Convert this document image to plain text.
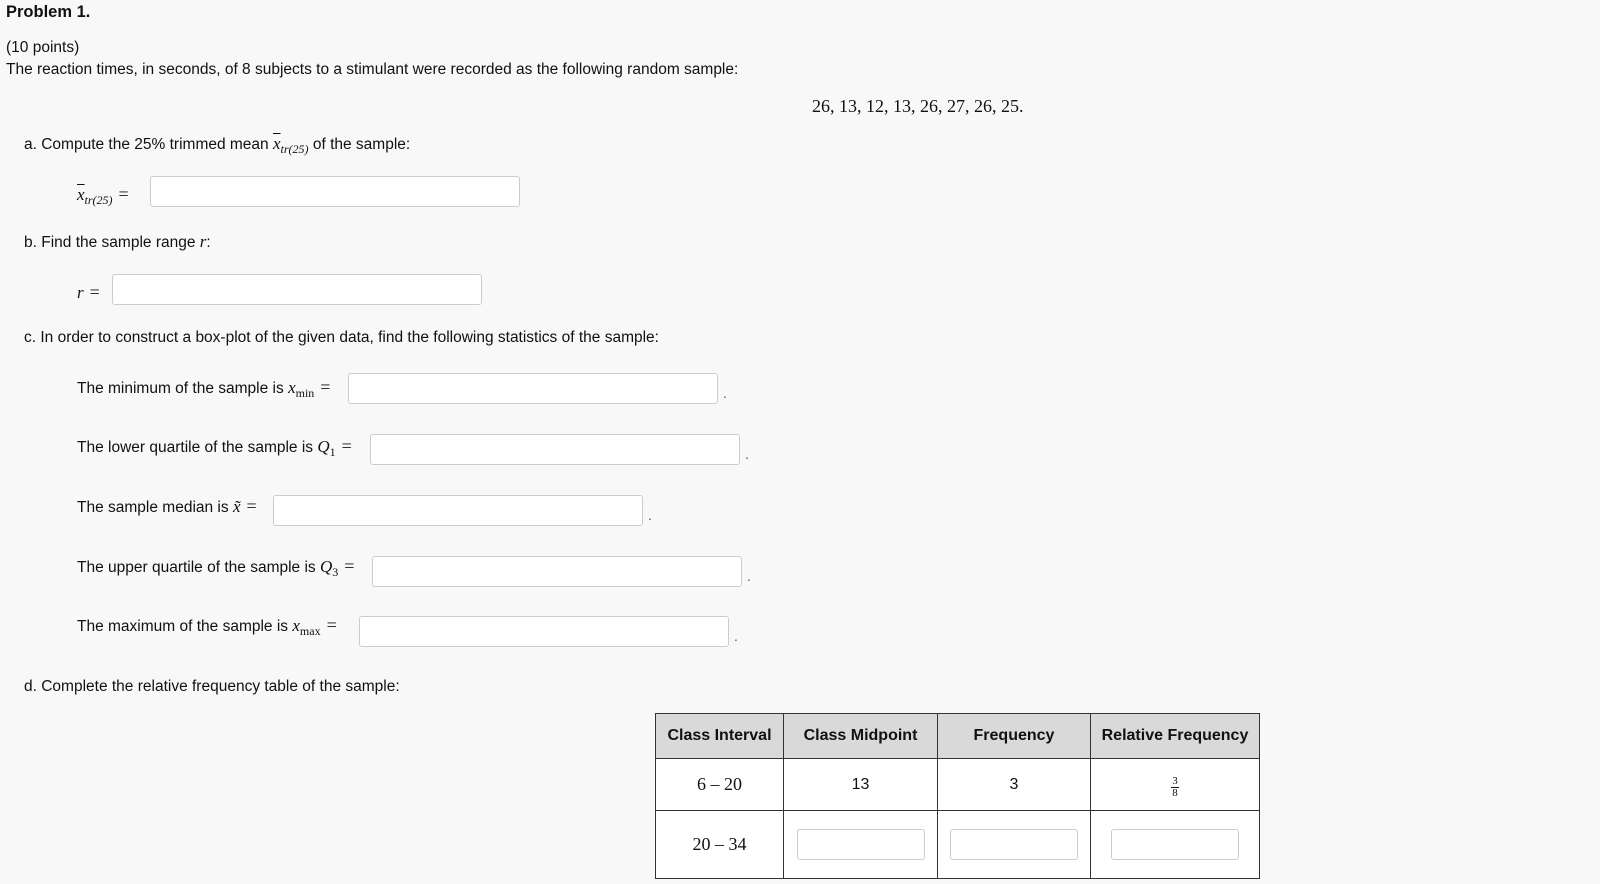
Problem 1.
(10 points)
The reaction times, in seconds, of 8 subjects to a stimulant were recorded as the following random sample:
26, 13, 12, 13, 26, 27, 26, 25.
a. Compute the 25% trimmed mean $\overline{x}_{tr(25)}$ of the sample:
$\overline{x}_{tr(25)}$ =
b. Find the sample range r:
r =
c. In order to construct a box-plot of the given data, find the following statistics of the sample:
The minimum of the sample is $x_{min}$ =	.
The lower quartile of the sample is $Q_1$ =	.
The sample median is x̃ =	.
The upper quartile of the sample is $Q_3$ =	.
The maximum of the sample is $x_{max}$ =
.
d. Complete the relative frequency table of the sample:
Class Interval	Class Midpoint	Frequency	Relative Frequency
6 – 20	13	3	$\frac{3}{8}$

20 – 34			
